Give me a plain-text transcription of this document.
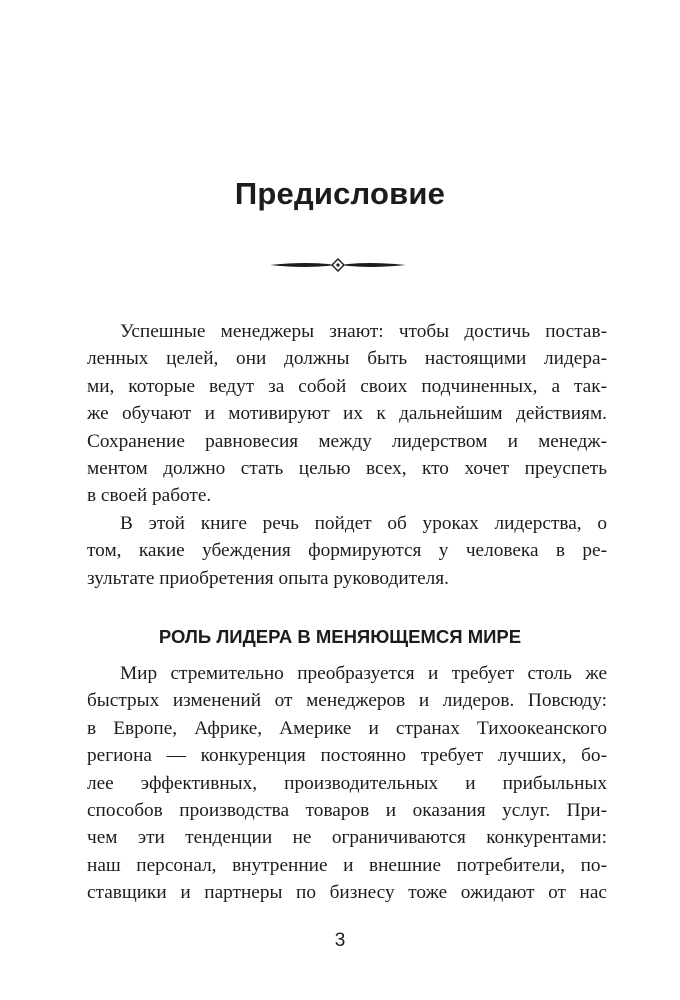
Предисловие

Успешные менеджеры знают: чтобы достичь постав-
ленных целей, они должны быть настоящими лидера-
ми, которые ведут за собой своих подчиненных, а так-
же обучают и мотивируют их к дальнейшим действиям.
Сохранение равновесия между лидерством и менедж-
ментом должно стать целью всех, кто хочет преуспеть
в своей работе.

В этой книге речь пойдет об уроках лидерства, о
том, какие убеждения формируются у человека в ре-
зультате приобретения опыта руководителя.

РОЛЬ ЛИДЕРА В МЕНЯЮЩЕМСЯ МИРЕ

Мир стремительно преобразуется и требует столь же
быстрых изменений от менеджеров и лидеров. Повсюду:
в Европе, Африке, Америке и странах Тихоокеанского
региона — конкуренция постоянно требует лучших, бо-
лее эффективных, производительных и прибыльных
способов производства товаров и оказания услуг. При-
чем эти тенденции не ограничиваются конкурентами:
наш персонал, внутренние и внешние потребители, по-
ставщики и партнеры по бизнесу тоже ожидают от нас

3
